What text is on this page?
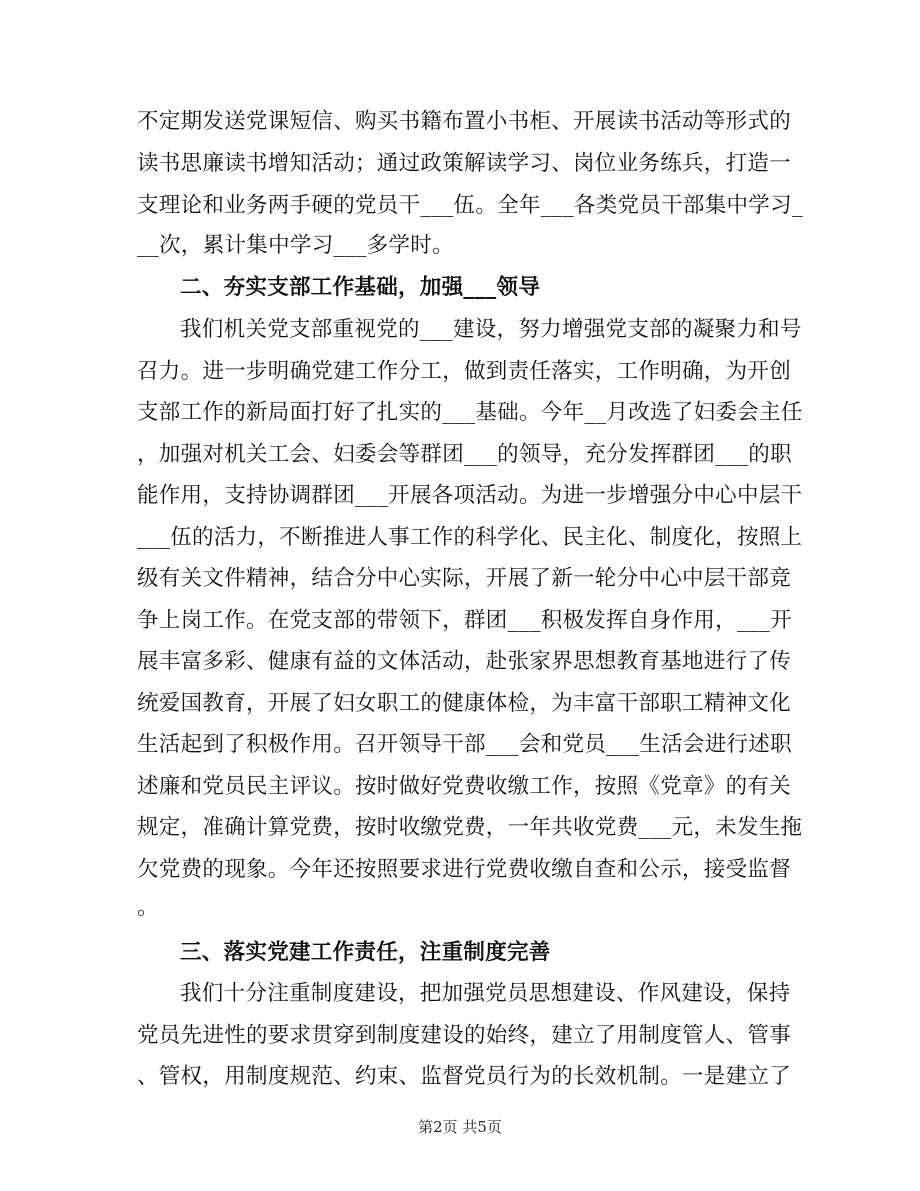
不定期发送党课短信、购买书籍布置小书柜、开展读书活动等形式的
读书思廉读书增知活动；通过政策解读学习、岗位业务练兵，打造一
支理论和业务两手硬的党员干___伍。全年___各类党员干部集中学习_
__次，累计集中学习___多学时。
二、夯实支部工作基础，加强___领导
我们机关党支部重视党的___建设，努力增强党支部的凝聚力和号
召力。进一步明确党建工作分工，做到责任落实，工作明确，为开创
支部工作的新局面打好了扎实的___基础。今年__月改选了妇委会主任
，加强对机关工会、妇委会等群团___的领导，充分发挥群团___的职
能作用，支持协调群团___开展各项活动。为进一步增强分中心中层干
___伍的活力，不断推进人事工作的科学化、民主化、制度化，按照上
级有关文件精神，结合分中心实际，开展了新一轮分中心中层干部竞
争上岗工作。在党支部的带领下，群团___积极发挥自身作用，___开
展丰富多彩、健康有益的文体活动，赴张家界思想教育基地进行了传
统爱国教育，开展了妇女职工的健康体检，为丰富干部职工精神文化
生活起到了积极作用。召开领导干部___会和党员___生活会进行述职
述廉和党员民主评议。按时做好党费收缴工作，按照《党章》的有关
规定，准确计算党费，按时收缴党费，一年共收党费___元，未发生拖
欠党费的现象。今年还按照要求进行党费收缴自查和公示，接受监督
。
三、落实党建工作责任，注重制度完善
我们十分注重制度建设，把加强党员思想建设、作风建设，保持
党员先进性的要求贯穿到制度建设的始终，建立了用制度管人、管事
、管权，用制度规范、约束、监督党员行为的长效机制。一是建立了
第2页 共5页
